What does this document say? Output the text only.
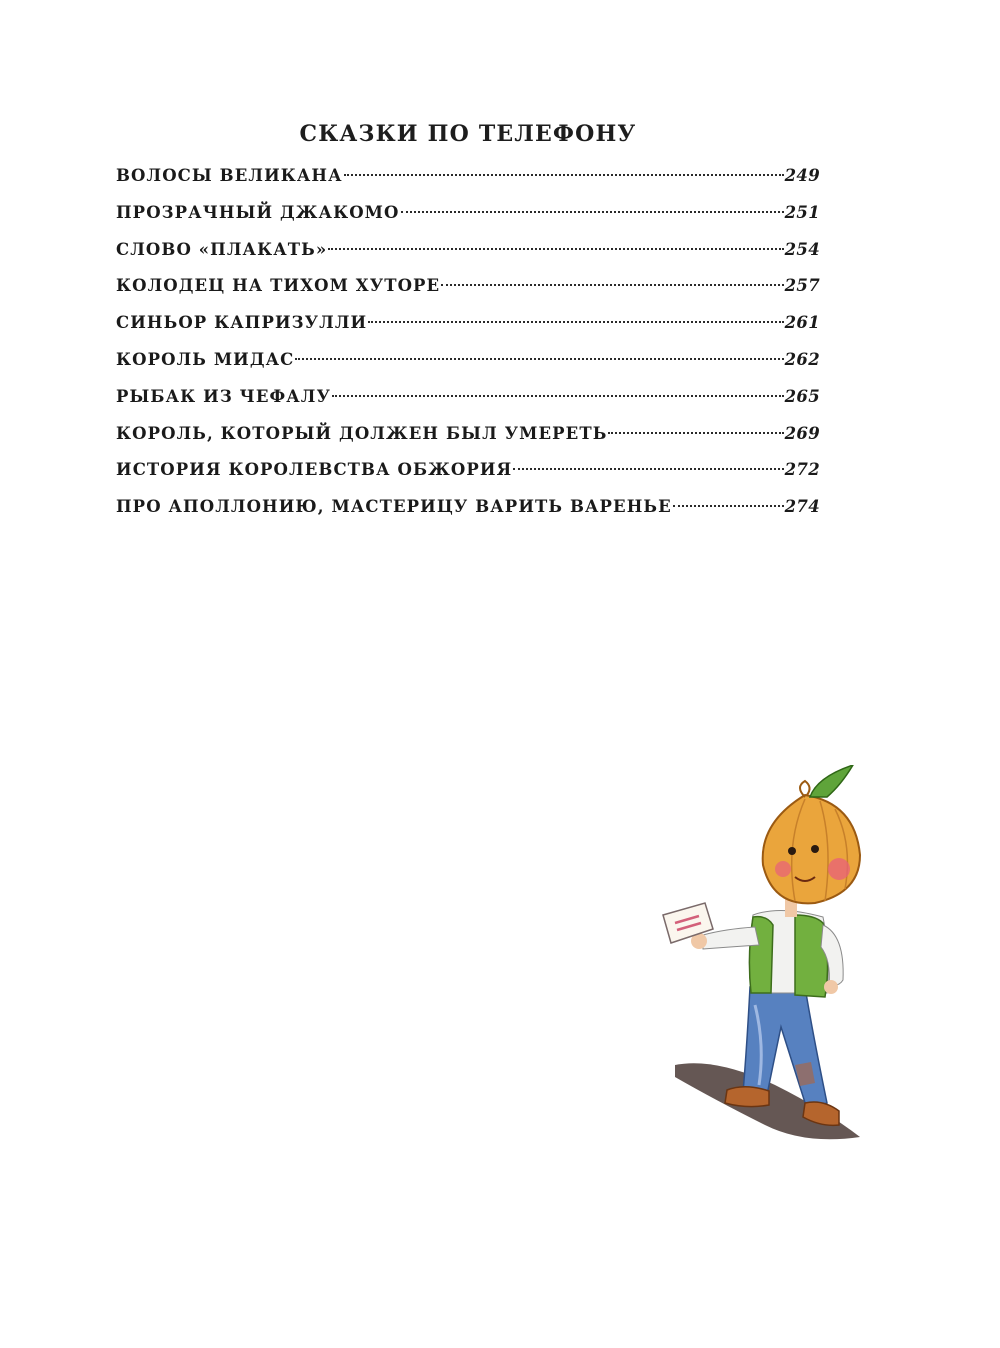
СКАЗКИ ПО ТЕЛЕФОНУ
ВОЛОСЫ ВЕЛИКАНА	249
ПРОЗРАЧНЫЙ ДЖАКОМО	251
СЛОВО «ПЛАКАТЬ»	254
КОЛОДЕЦ НА ТИХОМ ХУТОРЕ	257
СИНЬОР КАПРИЗУЛЛИ	261
КОРОЛЬ МИДАС	262
РЫБАК ИЗ ЧЕФАЛУ	265
КОРОЛЬ, КОТОРЫЙ ДОЛЖЕН БЫЛ УМЕРЕТЬ	269
ИСТОРИЯ КОРОЛЕВСТВА ОБЖОРИЯ	272
ПРО АПОЛЛОНИЮ, МАСТЕРИЦУ ВАРИТЬ ВАРЕНЬЕ	274
